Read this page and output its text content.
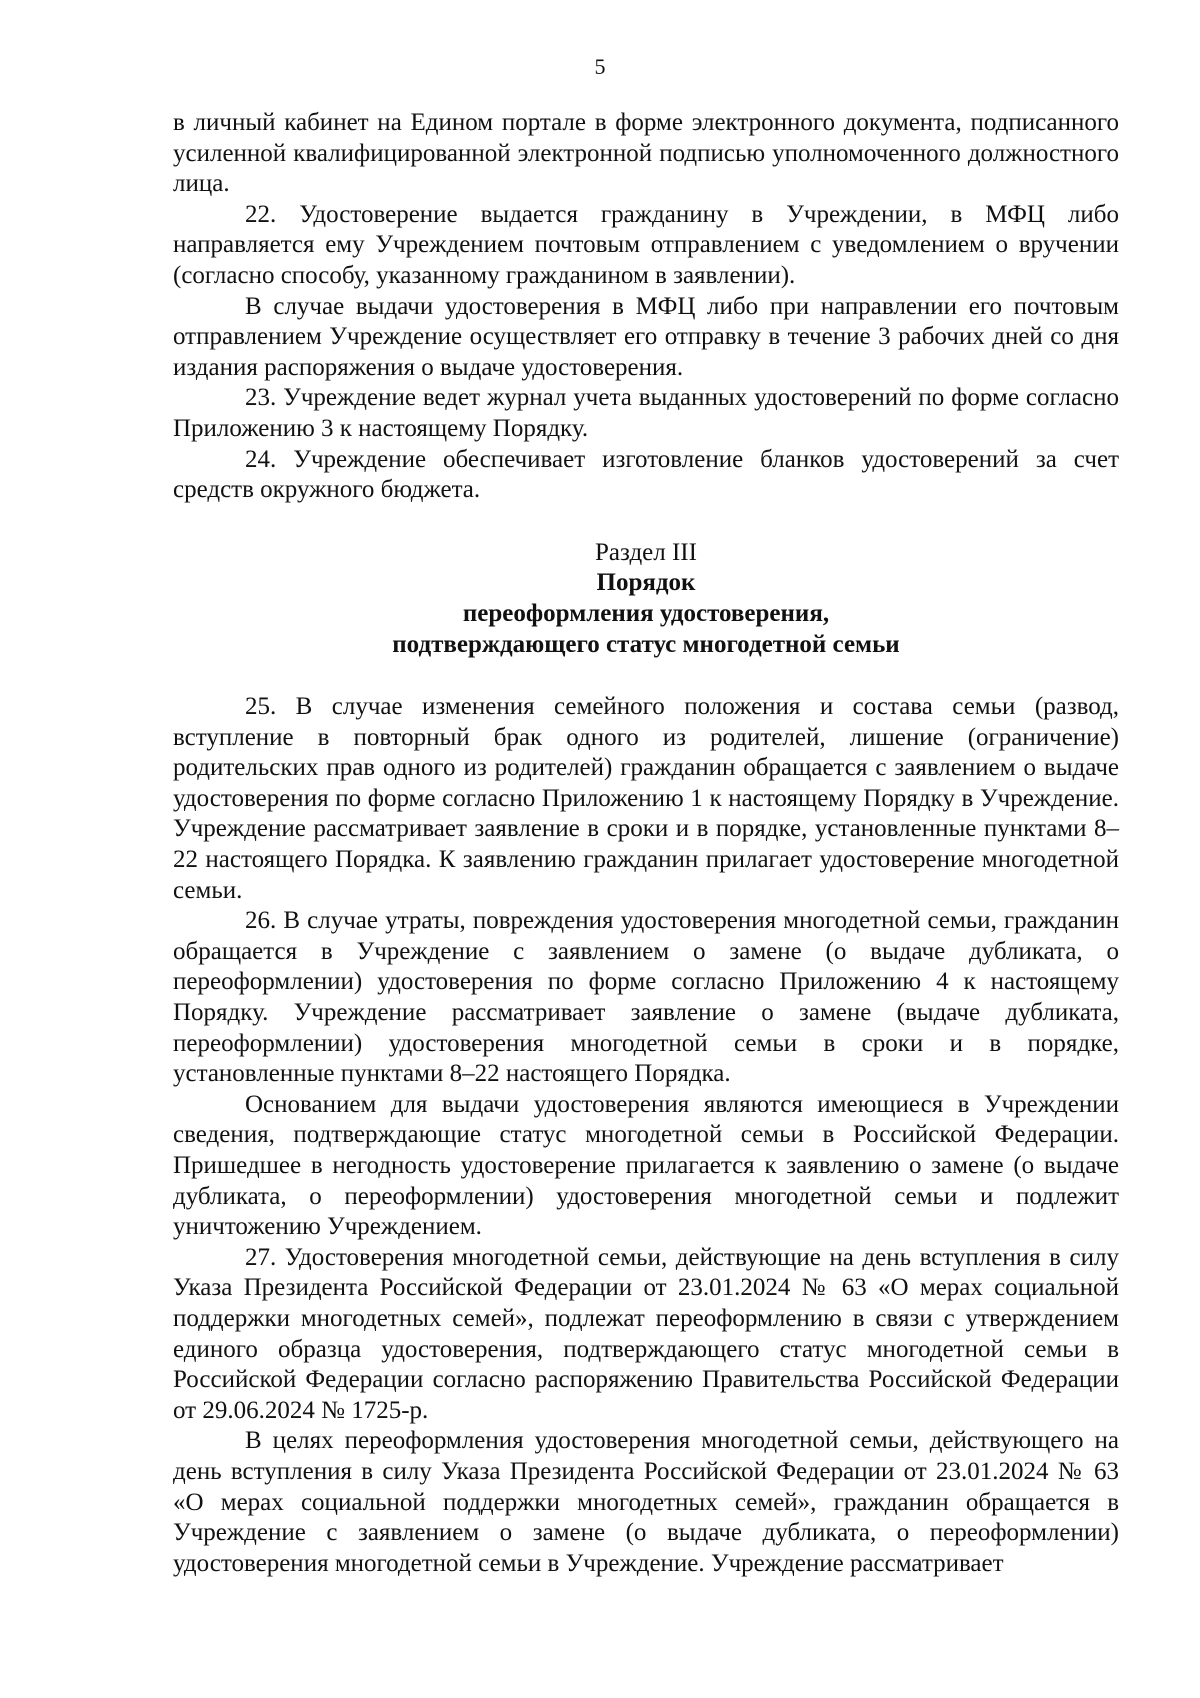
5

в личный кабинет на Едином портале в форме электронного документа, подписанного усиленной квалифицированной электронной подписью уполномоченного должностного лица.

22. Удостоверение выдается гражданину в Учреждении, в МФЦ либо направляется ему Учреждением почтовым отправлением с уведомлением о вручении (согласно способу, указанному гражданином в заявлении).

В случае выдачи удостоверения в МФЦ либо при направлении его почтовым отправлением Учреждение осуществляет его отправку в течение 3 рабочих дней со дня издания распоряжения о выдаче удостоверения.

23. Учреждение ведет журнал учета выданных удостоверений по форме согласно Приложению 3 к настоящему Порядку.

24. Учреждение обеспечивает изготовление бланков удостоверений за счет средств окружного бюджета.

Раздел III

Порядок

переоформления удостоверения,

подтверждающего статус многодетной семьи

25. В случае изменения семейного положения и состава семьи (развод, вступление в повторный брак одного из родителей, лишение (ограничение) родительских прав одного из родителей) гражданин обращается с заявлением о выдаче удостоверения по форме согласно Приложению 1 к настоящему Порядку в Учреждение. Учреждение рассматривает заявление в сроки и в порядке, установленные пунктами 8–22 настоящего Порядка. К заявлению гражданин прилагает удостоверение многодетной семьи.

26. В случае утраты, повреждения удостоверения многодетной семьи, гражданин обращается в Учреждение с заявлением о замене (о выдаче дубликата, о переоформлении) удостоверения по форме согласно Приложению 4 к настоящему Порядку. Учреждение рассматривает заявление о замене (выдаче дубликата, переоформлении) удостоверения многодетной семьи в сроки и в порядке, установленные пунктами 8–22 настоящего Порядка.

Основанием для выдачи удостоверения являются имеющиеся в Учреждении сведения, подтверждающие статус многодетной семьи в Российской Федерации. Пришедшее в негодность удостоверение прилагается к заявлению о замене (о выдаче дубликата, о переоформлении) удостоверения многодетной семьи и подлежит уничтожению Учреждением.

27. Удостоверения многодетной семьи, действующие на день вступления в силу Указа Президента Российской Федерации от 23.01.2024 № 63 «О мерах социальной поддержки многодетных семей», подлежат переоформлению в связи с утверждением единого образца удостоверения, подтверждающего статус многодетной семьи в Российской Федерации согласно распоряжению Правительства Российской Федерации от 29.06.2024 № 1725-р.

В целях переоформления удостоверения многодетной семьи, действующего на день вступления в силу Указа Президента Российской Федерации от 23.01.2024 № 63 «О мерах социальной поддержки многодетных семей», гражданин обращается в Учреждение с заявлением о замене (о выдаче дубликата, о переоформлении) удостоверения многодетной семьи в Учреждение. Учреждение рассматривает
